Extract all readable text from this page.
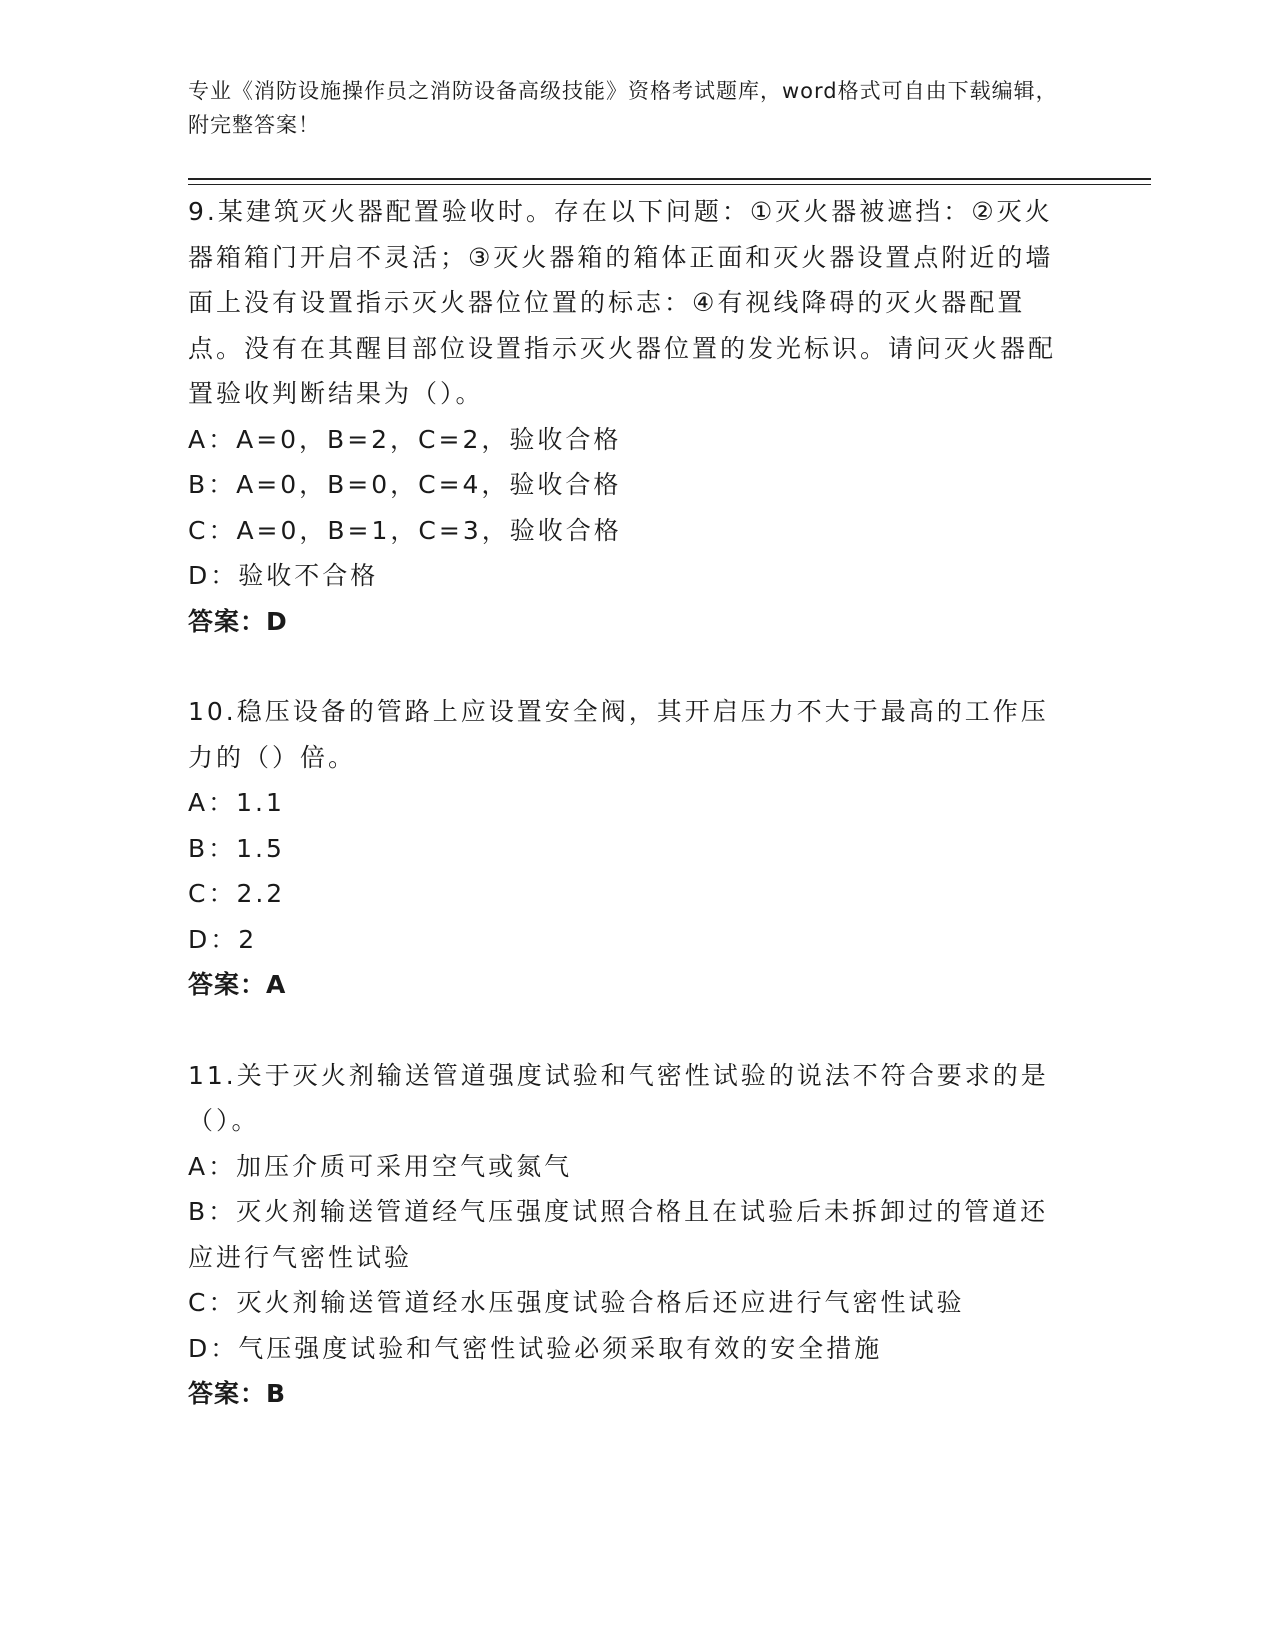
专业《消防设施操作员之消防设备高级技能》资格考试题库，word格式可自由下载编辑，附完整答案！
9.某建筑灭火器配置验收时。存在以下问题：①灭火器被遮挡：②灭火器箱箱门开启不灵活；③灭火器箱的箱体正面和灭火器设置点附近的墙面上没有设置指示灭火器位位置的标志：④有视线降碍的灭火器配置点。没有在其醒目部位设置指示灭火器位置的发光标识。请问灭火器配置验收判断结果为（）。
A：A=0，B=2，C=2，验收合格
B：A=0，B=0，C=4，验收合格
C：A=0，B=1，C=3，验收合格
D：验收不合格
答案：D
10.稳压设备的管路上应设置安全阀，其开启压力不大于最高的工作压力的（）倍。
A：1.1
B：1.5
C：2.2
D：2
答案：A
11.关于灭火剂输送管道强度试验和气密性试验的说法不符合要求的是（）。
A：加压介质可采用空气或氮气
B：灭火剂输送管道经气压强度试照合格且在试验后未拆卸过的管道还应进行气密性试验
C：灭火剂输送管道经水压强度试验合格后还应进行气密性试验
D：气压强度试验和气密性试验必须采取有效的安全措施
答案：B
